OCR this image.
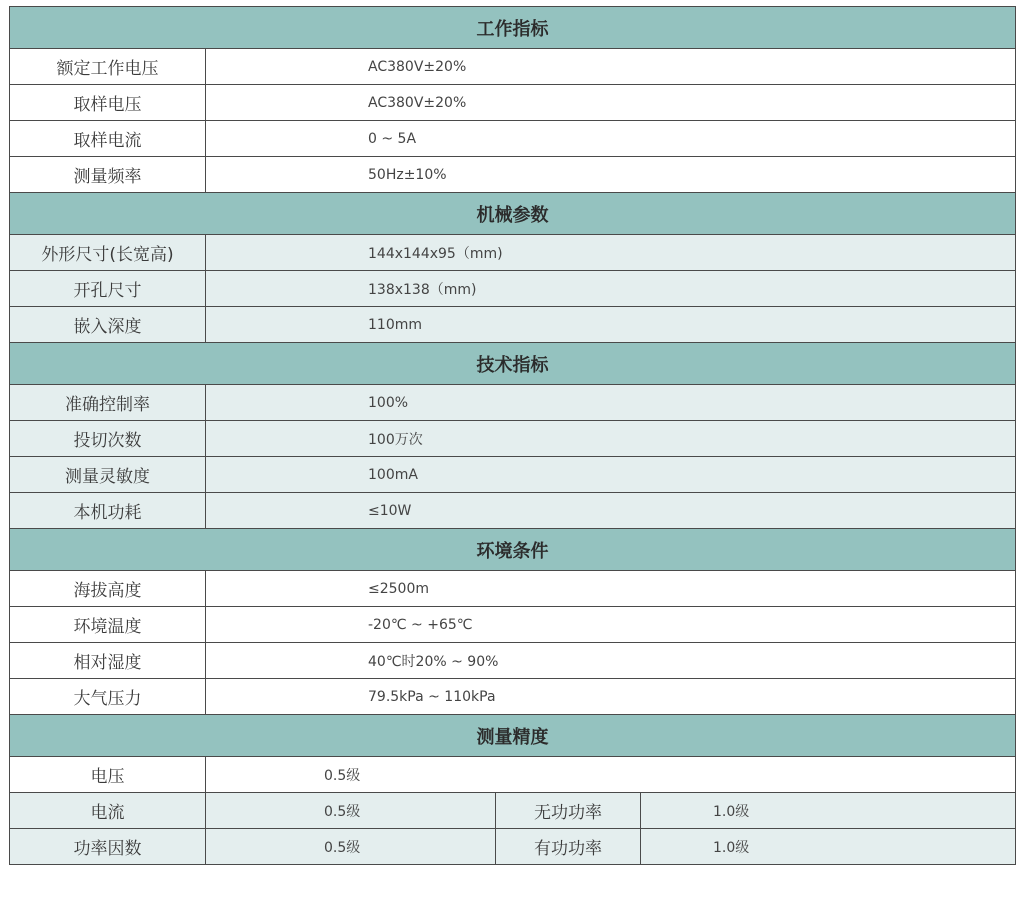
工作指标			
额定工作电压	AC380V±20%		
取样电压	AC380V±20%		
取样电流	0 ~ 5A		
测量频率	50Hz±10%		
机械参数			
外形尺寸(长宽高)	144x144x95（mm)		
开孔尺寸	138x138（mm)		
嵌入深度	110mm		
技术指标			
准确控制率	100%		
投切次数	100万次		
测量灵敏度	100mA		
本机功耗	≤10W		
环境条件			
海拔高度	≤2500m		
环境温度	-20℃ ~ +65℃		
相对湿度	40℃时20% ~ 90%		
大气压力	79.5kPa ~ 110kPa		
测量精度			
电压	0.5级		
电流	0.5级	无功功率	1.0级
功率因数	0.5级	有功功率	1.0级
